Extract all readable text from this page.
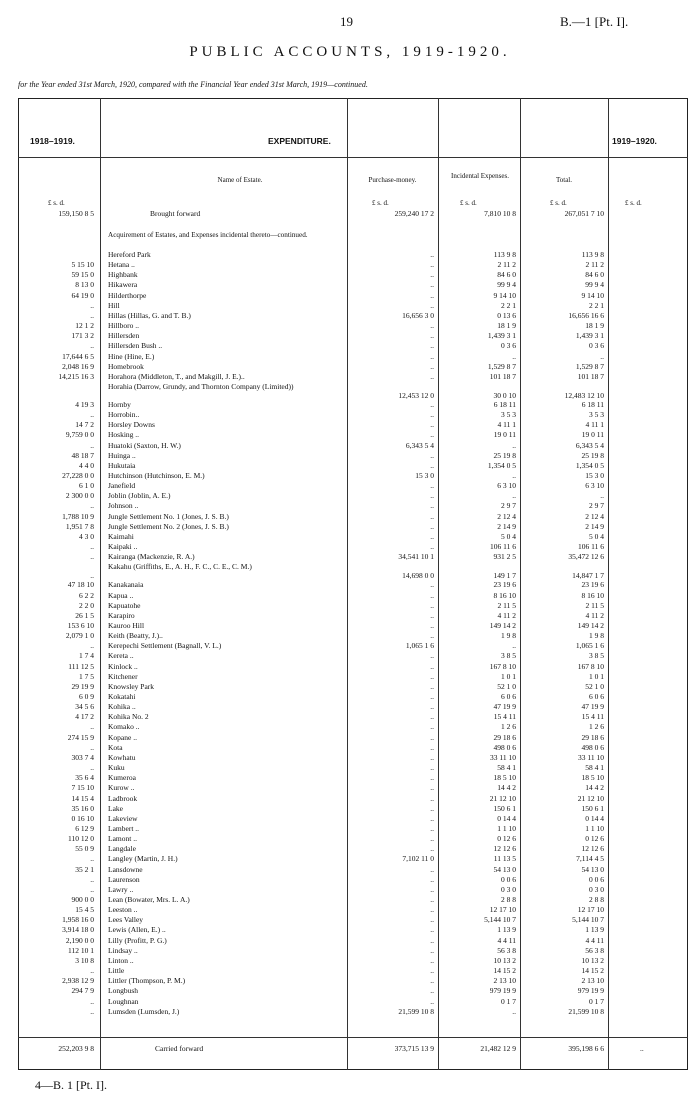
19	B.—1 [Pt. I].
PUBLIC ACCOUNTS, 1919-1920.
for the Year ended 31st March, 1920, compared with the Financial Year ended 31st March, 1919—continued.
1918–1919.	EXPENDITURE.	1919–1920.
Name of Estate.	Purchase-money.	Incidental Expenses.	Total.
£ s. d.	£ s. d.	£ s. d.	£ s. d.	£ s. d.
159,150 8 5	Brought forward	259,240 17 2	7,810 10 8	267,051 7 10
Acquirement of Estates, and Expenses incidental thereto—continued.
Hereford Park	..	113 9 8	113 9 8
5 15 10 Hetana ..	..	2 11 2	2 11 2
59 15 0 Highbank	..	84 6 0	84 6 0
8 13 0 Hikawera	..	99 9 4	99 9 4
64 19 0 Hilderthorpe	..	9 14 10	9 14 10
.. Hill	..	2 2 1	2 2 1
.. Hillas (Hillas, G. and T. B.)	16,656 3 0	0 13 6	16,656 16 6
12 1 2 Hillboro ..	..	18 1 9	18 1 9
171 3 2 Hillersden	..	1,439 3 1	1,439 3 1
.. Hillersden Bush ..	..	0 3 6	0 3 6
17,644 6 5 Hine (Hine, E.)	..	..	..
2,048 16 9 Homebrook	..	1,529 8 7	1,529 8 7
14,215 16 3 Horahora (Middleton, T., and Makgill, J. E.)..	..	101 18 7	101 18 7
Horahia (Darrow, Grundy, and Thornton Company (Limited))
12,453 12 0	30 0 10	12,483 12 10
4 19 3 Hornby	..	6 18 11	6 18 11
.. Horrobin..	..	3 5 3	3 5 3
14 7 2 Horsley Downs	..	4 11 1	4 11 1
9,759 0 0 Hosking ..	..	19 0 11	19 0 11
.. Huatoki (Saxton, H. W.)	6,343 5 4	..	6,343 5 4
48 18 7 Huinga ..	..	25 19 8	25 19 8
4 4 0 Hukutaia	..	1,354 0 5	1,354 0 5
27,228 0 0 Hutchinson (Hutchinson, E. M.)	15 3 0	..	15 3 0
6 1 0 Janefield	..	6 3 10	6 3 10
2 300 0 0 Joblin (Joblin, A. E.)	..	..	..
.. Johnson ..	..	2 9 7	2 9 7
1,788 10 9 Jungle Settlement No. 1 (Jones, J. S. B.)	..	2 12 4	2 12 4
1,951 7 8 Jungle Settlement No. 2 (Jones, J. S. B.)	..	2 14 9	2 14 9
4 3 0 Kaimahi	..	5 0 4	5 0 4
.. Kaipaki ..	..	106 11 6	106 11 6
.. Kairanga (Mackenzie, R. A.)	34,541 10 1	931 2 5	35,472 12 6
..
Kakahu (Griffiths, E., A. H., F. C., C. E., C. M.)
14,698 0 0	149 1 7	14,847 1 7
47 18 10 Kanakanaia	..	23 19 6	23 19 6
6 2 2 Kapua ..	..	8 16 10	8 16 10
2 2 0 Kapuatohe	..	2 11 5	2 11 5
26 1 5 Karapiro	..	4 11 2	4 11 2
153 6 10 Kauroo Hill	..	149 14 2	149 14 2
2,079 1 0 Keith (Beatty, J.)..	..	1 9 8	1 9 8
.. Kerepechi Settlement (Bagnall, V. L.)	1,065 1 6	..	1,065 1 6
1 7 4 Kereta ..	..	3 8 5	3 8 5
111 12 5 Kinlock ..	..	167 8 10	167 8 10
1 7 5 Kitchener	..	1 0 1	1 0 1
29 19 9 Knowsley Park	..	52 1 0	52 1 0
6 0 9 Kokatahi	..	6 0 6	6 0 6
34 5 6 Kohika ..	..	47 19 9	47 19 9
4 17 2 Kohika No. 2	..	15 4 11	15 4 11
.. Komako ..	..	1 2 6	1 2 6
274 15 9 Kopane ..	..	29 18 6	29 18 6
.. Kota	..	498 0 6	498 0 6
303 7 4 Kowhatu	..	33 11 10	33 11 10
.. Kuku	..	58 4 1	58 4 1
35 6 4 Kumeroa	..	18 5 10	18 5 10
7 15 10 Kurow ..	..	14 4 2	14 4 2
14 15 4 Ladbrook	..	21 12 10	21 12 10
35 16 0 Lake	..	150 6 1	150 6 1
0 16 10 Lakeview	..	0 14 4	0 14 4
6 12 9 Lambert ..	..	1 1 10	1 1 10
110 12 0 Lamont ..	..	0 12 6	0 12 6
55 0 9 Langdale	..	12 12 6	12 12 6
.. Langley (Martin, J. H.)	7,102 11 0	11 13 5	7,114 4 5
35 2 1 Lansdowne	..	54 13 0	54 13 0
.. Laurenson	..	0 0 6	0 0 6
.. Lawry ..	..	0 3 0	0 3 0
900 0 0 Lean (Bowater, Mrs. L. A.)	..	2 8 8	2 8 8
15 4 5 Leeston ..	..	12 17 10	12 17 10
1,958 16 0 Lees Valley	..	5,144 10 7	5,144 10 7
3,914 18 0 Lewis (Allen, E.) ..	..	1 13 9	1 13 9
2,190 0 0 Lilly (Profitt, P. G.)	..	4 4 11	4 4 11
112 10 1 Lindsay ..	..	56 3 8	56 3 8
3 10 8 Linton ..	..	10 13 2	10 13 2
.. Little	..	14 15 2	14 15 2
2,938 12 9 Littler (Thompson, P. M.)	..	2 13 10	2 13 10
294 7 9 Longbush	..	979 19 9	979 19 9
.. Loughnan	..	0 1 7	0 1 7
.. Lumsden (Lumsden, J.)	21,599 10 8	..	21,599 10 8
252,203 9 8	Carried forward	373,715 13 9	21,482 12 9	395,198 6 6	..
4—B. 1 [Pt. I].
